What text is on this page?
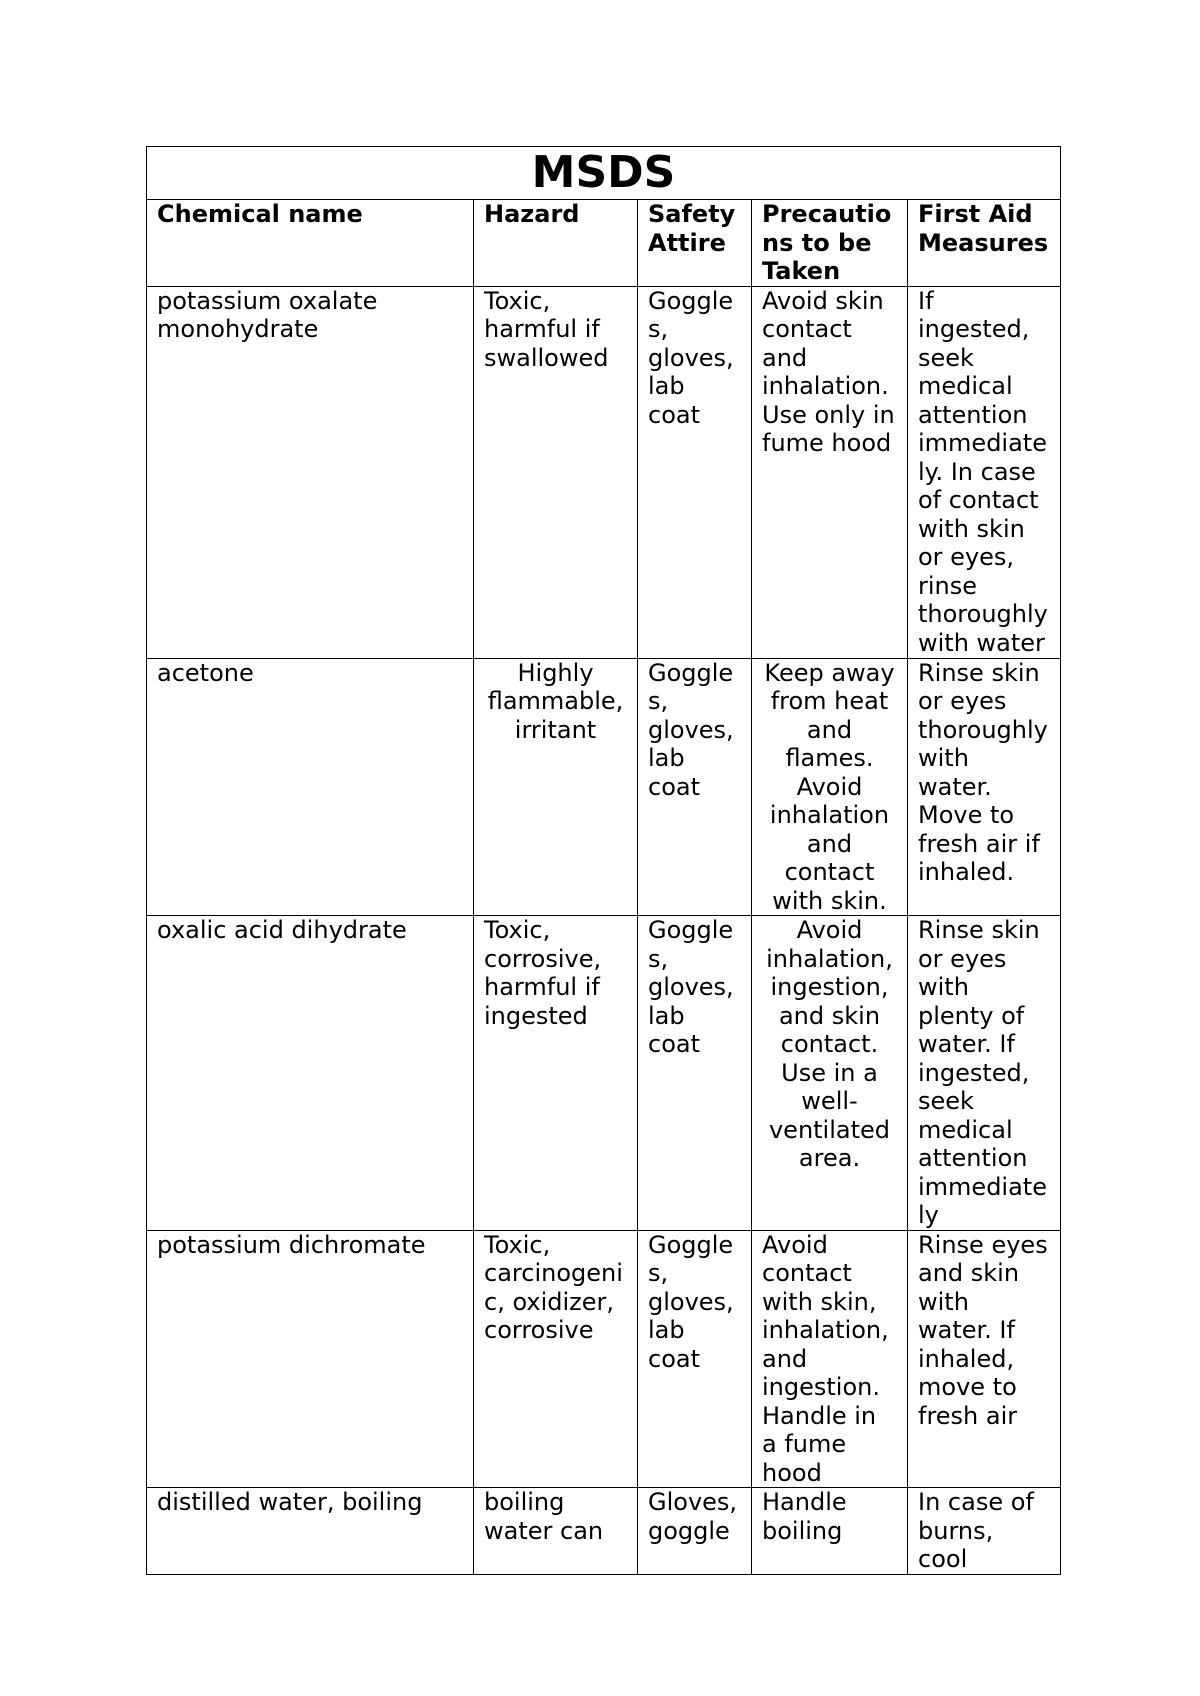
MSDS				
Chemical name	Hazard	Safety Attire	Precautions to be Taken	First Aid Measures
potassium oxalate monohydrate	Toxic, harmful if swallowed	Goggles, gloves, lab coat	Avoid skin contact and inhalation. Use only in fume hood	If ingested, seek medical attention immediately. In case of contact with skin or eyes, rinse thoroughly with water
acetone	Highly flammable, irritant	Goggles, gloves, lab coat	Keep away from heat and flames. Avoid inhalation and contact with skin.	Rinse skin or eyes thoroughly with water. Move to fresh air if inhaled.
oxalic acid dihydrate	Toxic, corrosive, harmful if ingested	Goggles, gloves, lab coat	Avoid inhalation, ingestion, and skin contact. Use in a well-ventilated area.	Rinse skin or eyes with plenty of water. If ingested, seek medical attention immediately
potassium dichromate	Toxic, carcinogenic, oxidizer, corrosive	Goggles, gloves, lab coat	Avoid contact with skin, inhalation, and ingestion. Handle in a fume hood	Rinse eyes and skin with water. If inhaled, move to fresh air
distilled water, boiling	boiling water can	Gloves, goggle	Handle boiling	In case of burns, cool
